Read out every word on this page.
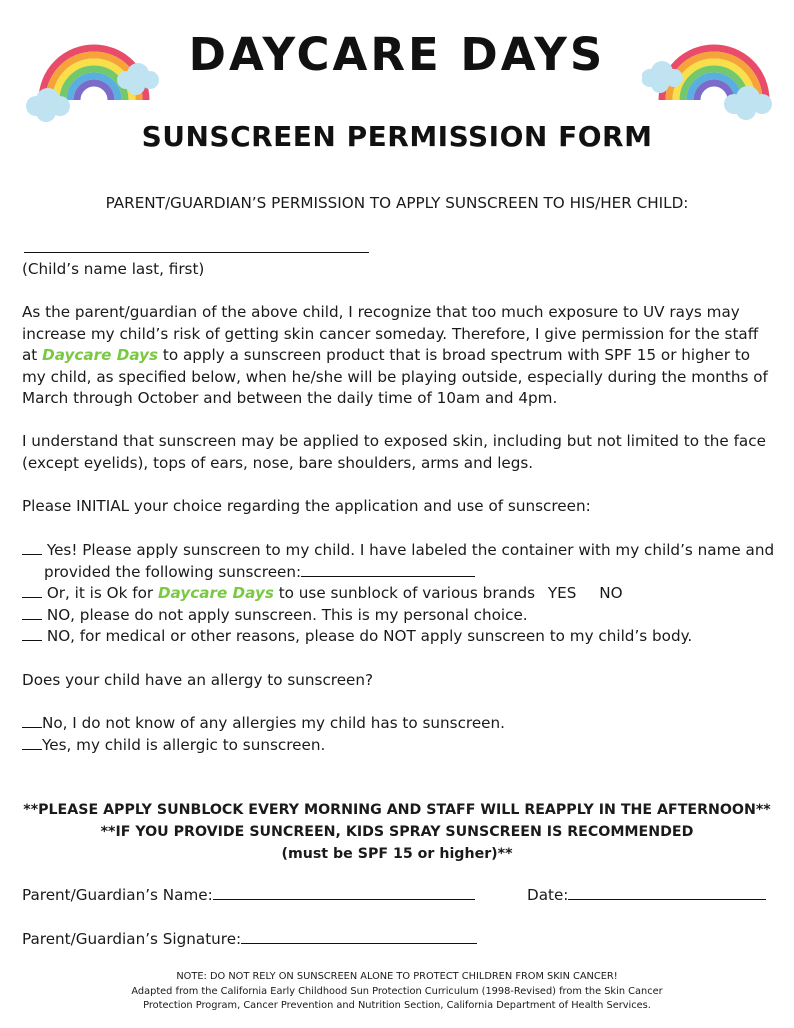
DAYCARE DAYS
SUNSCREEN PERMISSION FORM
PARENT/GUARDIAN’S PERMISSION TO APPLY SUNSCREEN TO HIS/HER CHILD:
(Child’s name last, first)
As the parent/guardian of the above child, I recognize that too much exposure to UV rays may increase my child’s risk of getting skin cancer someday. Therefore, I give permission for the staff at Daycare Days to apply a sunscreen product that is broad spectrum with SPF 15 or higher to my child, as specified below, when he/she will be playing outside, especially during the months of March through October and between the daily time of 10am and 4pm.
I understand that sunscreen may be applied to exposed skin, including but not limited to the face (except eyelids), tops of ears, nose, bare shoulders, arms and legs.
Please INITIAL your choice regarding the application and use of sunscreen:
Yes! Please apply sunscreen to my child. I have labeled the container with my child’s name and
provided the following sunscreen:
Or, it is Ok for Daycare Days to use sunblock of various brands YES NO
NO, please do not apply sunscreen. This is my personal choice.
NO, for medical or other reasons, please do NOT apply sunscreen to my child’s body.
Does your child have an allergy to sunscreen?
No, I do not know of any allergies my child has to sunscreen.
Yes, my child is allergic to sunscreen.
**PLEASE APPLY SUNBLOCK EVERY MORNING AND STAFF WILL REAPPLY IN THE AFTERNOON**
**IF YOU PROVIDE SUNCREEN, KIDS SPRAY SUNSCREEN IS RECOMMENDED
(must be SPF 15 or higher)**
Parent/Guardian’s Name:	Date:
Parent/Guardian’s Signature:
NOTE: DO NOT RELY ON SUNSCREEN ALONE TO PROTECT CHILDREN FROM SKIN CANCER!
Adapted from the California Early Childhood Sun Protection Curriculum (1998-Revised) from the Skin Cancer
Protection Program, Cancer Prevention and Nutrition Section, California Department of Health Services.
